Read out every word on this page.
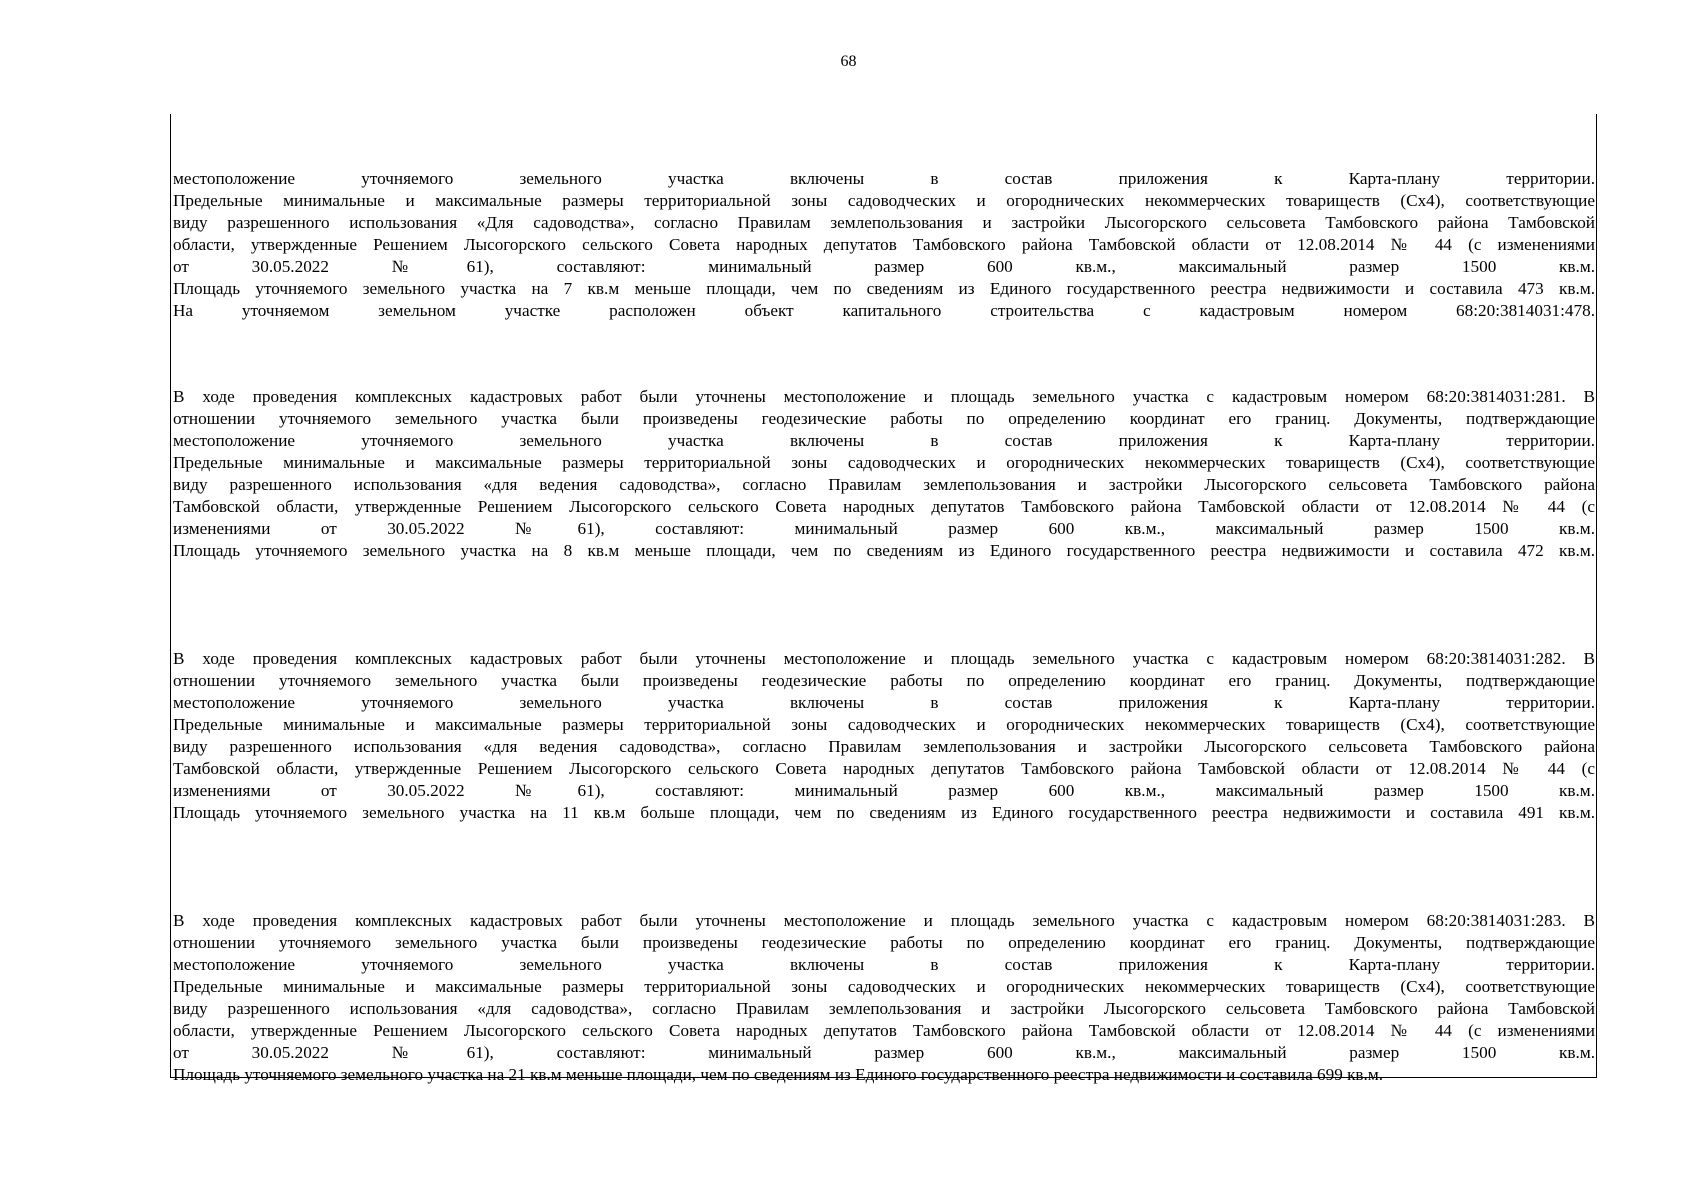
68
местоположение уточняемого земельного участка включены в состав приложения к Карта-плану территории.
Предельные минимальные и максимальные размеры территориальной зоны садоводческих и огороднических некоммерческих товариществ (Сх4), соответствующие
виду разрешенного использования «Для садоводства», согласно Правилам землепользования и застройки Лысогорского сельсовета Тамбовского района Тамбовской
области, утвержденные Решением Лысогорского сельского Совета народных депутатов Тамбовского района Тамбовской области от 12.08.2014 № 44 (с изменениями
от 30.05.2022 №61), составляют: минимальный размер 600 кв.м., максимальный размер 1500 кв.м.
Площадь уточняемого земельного участка на 7 кв.м меньше площади, чем по сведениям из Единого государственного реестра недвижимости и составила 473 кв.м.
На уточняемом земельном участке расположен объект капитального строительства с кадастровым номером 68:20:3814031:478.
В ходе проведения комплексных кадастровых работ были уточнены местоположение и площадь земельного участка с кадастровым номером 68:20:3814031:281. В
отношении уточняемого земельного участка были произведены геодезические работы по определению координат его границ. Документы, подтверждающие
местоположение уточняемого земельного участка включены в состав приложения к Карта-плану территории.
Предельные минимальные и максимальные размеры территориальной зоны садоводческих и огороднических некоммерческих товариществ (Сх4), соответствующие
виду разрешенного использования «для ведения садоводства», согласно Правилам землепользования и застройки Лысогорского сельсовета Тамбовского района
Тамбовской области, утвержденные Решением Лысогорского сельского Совета народных депутатов Тамбовского района Тамбовской области от 12.08.2014 № 44 (с
изменениями от 30.05.2022 №61), составляют: минимальный размер 600 кв.м., максимальный размер 1500 кв.м.
Площадь уточняемого земельного участка на 8 кв.м меньше площади, чем по сведениям из Единого государственного реестра недвижимости и составила 472 кв.м.
В ходе проведения комплексных кадастровых работ были уточнены местоположение и площадь земельного участка с кадастровым номером 68:20:3814031:282. В
отношении уточняемого земельного участка были произведены геодезические работы по определению координат его границ. Документы, подтверждающие
местоположение уточняемого земельного участка включены в состав приложения к Карта-плану территории.
Предельные минимальные и максимальные размеры территориальной зоны садоводческих и огороднических некоммерческих товариществ (Сх4), соответствующие
виду разрешенного использования «для ведения садоводства», согласно Правилам землепользования и застройки Лысогорского сельсовета Тамбовского района
Тамбовской области, утвержденные Решением Лысогорского сельского Совета народных депутатов Тамбовского района Тамбовской области от 12.08.2014 № 44 (с
изменениями от 30.05.2022 №61), составляют: минимальный размер 600 кв.м., максимальный размер 1500 кв.м.
Площадь уточняемого земельного участка на 11 кв.м больше площади, чем по сведениям из Единого государственного реестра недвижимости и составила 491 кв.м.
В ходе проведения комплексных кадастровых работ были уточнены местоположение и площадь земельного участка с кадастровым номером 68:20:3814031:283. В
отношении уточняемого земельного участка были произведены геодезические работы по определению координат его границ. Документы, подтверждающие
местоположение уточняемого земельного участка включены в состав приложения к Карта-плану территории.
Предельные минимальные и максимальные размеры территориальной зоны садоводческих и огороднических некоммерческих товариществ (Сх4), соответствующие
виду разрешенного использования «для садоводства», согласно Правилам землепользования и застройки Лысогорского сельсовета Тамбовского района Тамбовской
области, утвержденные Решением Лысогорского сельского Совета народных депутатов Тамбовского района Тамбовской области от 12.08.2014 № 44 (с изменениями
от 30.05.2022 №61), составляют: минимальный размер 600 кв.м., максимальный размер 1500 кв.м.
Площадь уточняемого земельного участка на 21 кв.м меньше площади, чем по сведениям из Единого государственного реестра недвижимости и составила 699 кв.м.
